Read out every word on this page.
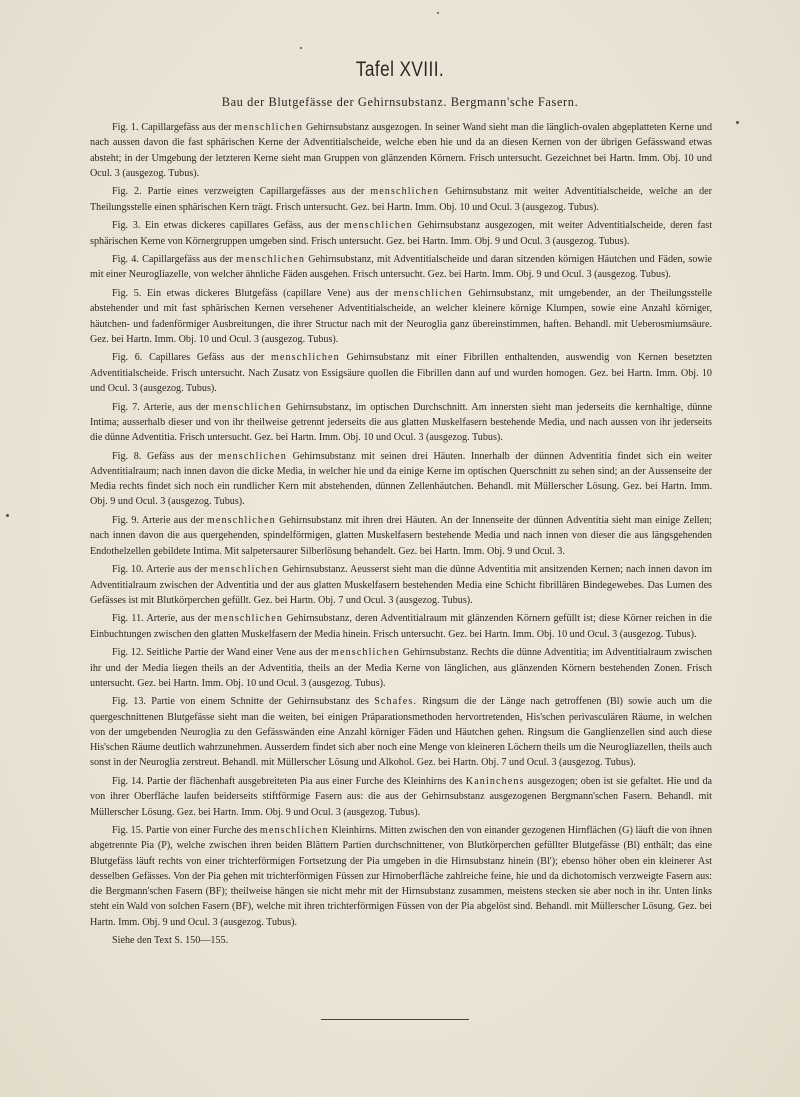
Tafel XVIII.
Bau der Blutgefässe der Gehirnsubstanz. Bergmann'sche Fasern.

Fig. 1. Capillargefäss aus der menschlichen Gehirnsubstanz ausgezogen. In seiner Wand sieht man die länglich-ovalen abgeplatteten Kerne und nach aussen davon die fast sphärischen Kerne der Adventitialscheide, welche eben hie und da an diesen Kernen von der übrigen Gefässwand etwas absteht; in der Umgebung der letzteren Kerne sieht man Gruppen von glänzenden Körnern. Frisch untersucht. Gezeichnet bei Hartn. Imm. Obj. 10 und Ocul. 3 (ausgezog. Tubus).

Fig. 2. Partie eines verzweigten Capillargefässes aus der menschlichen Gehirnsubstanz mit weiter Adventitialscheide, welche an der Theilungsstelle einen sphärischen Kern trägt. Frisch untersucht. Gez. bei Hartn. Imm. Obj. 10 und Ocul. 3 (ausgezog. Tubus).

Fig. 3. Ein etwas dickeres capillares Gefäss, aus der menschlichen Gehirnsubstanz ausgezogen, mit weiter Adventitialscheide, deren fast sphärischen Kerne von Körnergruppen umgeben sind. Frisch untersucht. Gez. bei Hartn. Imm. Obj. 9 und Ocul. 3 (ausgezog. Tubus).

Fig. 4. Capillargefäss aus der menschlichen Gehirnsubstanz, mit Adventitialscheide und daran sitzenden körnigen Häutchen und Fäden, sowie mit einer Neurogliazelle, von welcher ähnliche Fäden ausgehen. Frisch untersucht. Gez. bei Hartn. Imm. Obj. 9 und Ocul. 3 (ausgezog. Tubus).

Fig. 5. Ein etwas dickeres Blutgefäss (capillare Vene) aus der menschlichen Gehirnsubstanz, mit umgebender, an der Theilungsstelle abstehender und mit fast sphärischen Kernen versehener Adventitialscheide, an welcher kleinere körnige Klumpen, sowie eine Anzahl körniger, häutchen- und fadenförmiger Ausbreitungen, die ihrer Structur nach mit der Neuroglia ganz übereinstimmen, haften. Behandl. mit Ueberosmiumsäure. Gez. bei Hartn. Imm. Obj. 10 und Ocul. 3 (ausgezog. Tubus).

Fig. 6. Capillares Gefäss aus der menschlichen Gehirnsubstanz mit einer Fibrillen enthaltenden, auswendig von Kernen besetzten Adventitialscheide. Frisch untersucht. Nach Zusatz von Essigsäure quollen die Fibrillen dann auf und wurden homogen. Gez. bei Hartn. Imm. Obj. 10 und Ocul. 3 (ausgezog. Tubus).

Fig. 7. Arterie, aus der menschlichen Gehirnsubstanz, im optischen Durchschnitt. Am innersten sieht man jederseits die kernhaltige, dünne Intima; ausserhalb dieser und von ihr theilweise getrennt jederseits die aus glatten Muskelfasern bestehende Media, und nach aussen von ihr jederseits die dünne Adventitia. Frisch untersucht. Gez. bei Hartn. Imm. Obj. 10 und Ocul. 3 (ausgezog. Tubus).

Fig. 8. Gefäss aus der menschlichen Gehirnsubstanz mit seinen drei Häuten. Innerhalb der dünnen Adventitia findet sich ein weiter Adventitialraum; nach innen davon die dicke Media, in welcher hie und da einige Kerne im optischen Querschnitt zu sehen sind; an der Aussenseite der Media rechts findet sich noch ein rundlicher Kern mit abstehenden, dünnen Zellenhäutchen. Behandl. mit Müllerscher Lösung. Gez. bei Hartn. Imm. Obj. 9 und Ocul. 3 (ausgezog. Tubus).

Fig. 9. Arterie aus der menschlichen Gehirnsubstanz mit ihren drei Häuten. An der Innenseite der dünnen Adventitia sieht man einige Zellen; nach innen davon die aus quergehenden, spindelförmigen, glatten Muskelfasern bestehende Media und nach innen von dieser die aus längsgehenden Endothelzellen gebildete Intima. Mit salpetersaurer Silberlösung behandelt. Gez. bei Hartn. Imm. Obj. 9 und Ocul. 3.

Fig. 10. Arterie aus der menschlichen Gehirnsubstanz. Aeusserst sieht man die dünne Adventitia mit ansitzenden Kernen; nach innen davon im Adventitialraum zwischen der Adventitia und der aus glatten Muskelfasern bestehenden Media eine Schicht fibrillären Bindegewebes. Das Lumen des Gefässes ist mit Blutkörperchen gefüllt. Gez. bei Hartn. Obj. 7 und Ocul. 3 (ausgezog. Tubus).

Fig. 11. Arterie, aus der menschlichen Gehirnsubstanz, deren Adventitialraum mit glänzenden Körnern gefüllt ist; diese Körner reichen in die Einbuchtungen zwischen den glatten Muskelfasern der Media hinein. Frisch untersucht. Gez. bei Hartn. Imm. Obj. 10 und Ocul. 3 (ausgezog. Tubus).

Fig. 12. Seitliche Partie der Wand einer Vene aus der menschlichen Gehirnsubstanz. Rechts die dünne Adventitia; im Adventitialraum zwischen ihr und der Media liegen theils an der Adventitia, theils an der Media Kerne von länglichen, aus glänzenden Körnern bestehenden Zonen. Frisch untersucht. Gez. bei Hartn. Imm. Obj. 10 und Ocul. 3 (ausgezog. Tubus).

Fig. 13. Partie von einem Schnitte der Gehirnsubstanz des Schafes. Ringsum die der Länge nach getroffenen (Bl) sowie auch um die quergeschnittenen Blutgefässe sieht man die weiten, bei einigen Präparationsmethoden hervortretenden, His'schen perivasculären Räume, in welchen von der umgebenden Neuroglia zu den Gefässwänden eine Anzahl körniger Fäden und Häutchen gehen. Ringsum die Ganglienzellen sind auch diese His'schen Räume deutlich wahrzunehmen. Ausserdem findet sich aber noch eine Menge von kleineren Löchern theils um die Neurogliazellen, theils auch sonst in der Neuroglia zerstreut. Behandl. mit Müllerscher Lösung und Alkohol. Gez. bei Hartn. Obj. 7 und Ocul. 3 (ausgezog. Tubus).

Fig. 14. Partie der flächenhaft ausgebreiteten Pia aus einer Furche des Kleinhirns des Kaninchens ausgezogen; oben ist sie gefaltet. Hie und da von ihrer Oberfläche laufen beiderseits stiftförmige Fasern aus: die aus der Gehirnsubstanz ausgezogenen Bergmann'schen Fasern. Behandl. mit Müllerscher Lösung. Gez. bei Hartn. Imm. Obj. 9 und Ocul. 3 (ausgezog. Tubus).

Fig. 15. Partie von einer Furche des menschlichen Kleinhirns. Mitten zwischen den von einander gezogenen Hirnflächen (G) läuft die von ihnen abgetrennte Pia (P), welche zwischen ihren beiden Blättern Partien durchschnittener, von Blutkörperchen gefüllter Blutgefässe (Bl) enthält; das eine Blutgefäss läuft rechts von einer trichterförmigen Fortsetzung der Pia umgeben in die Hirnsubstanz hinein (Bl'); ebenso höher oben ein kleinerer Ast desselben Gefässes. Von der Pia gehen mit trichterförmigen Füssen zur Hirnoberfläche zahlreiche feine, hie und da dichotomisch verzweigte Fasern aus: die Bergmann'schen Fasern (BF); theilweise hängen sie nicht mehr mit der Hirnsubstanz zusammen, meistens stecken sie aber noch in ihr. Unten links steht ein Wald von solchen Fasern (BF), welche mit ihren trichterförmigen Füssen von der Pia abgelöst sind. Behandl. mit Müllerscher Lösung. Gez. bei Hartn. Imm. Obj. 9 und Ocul. 3 (ausgezog. Tubus).

Siehe den Text S. 150—155.
